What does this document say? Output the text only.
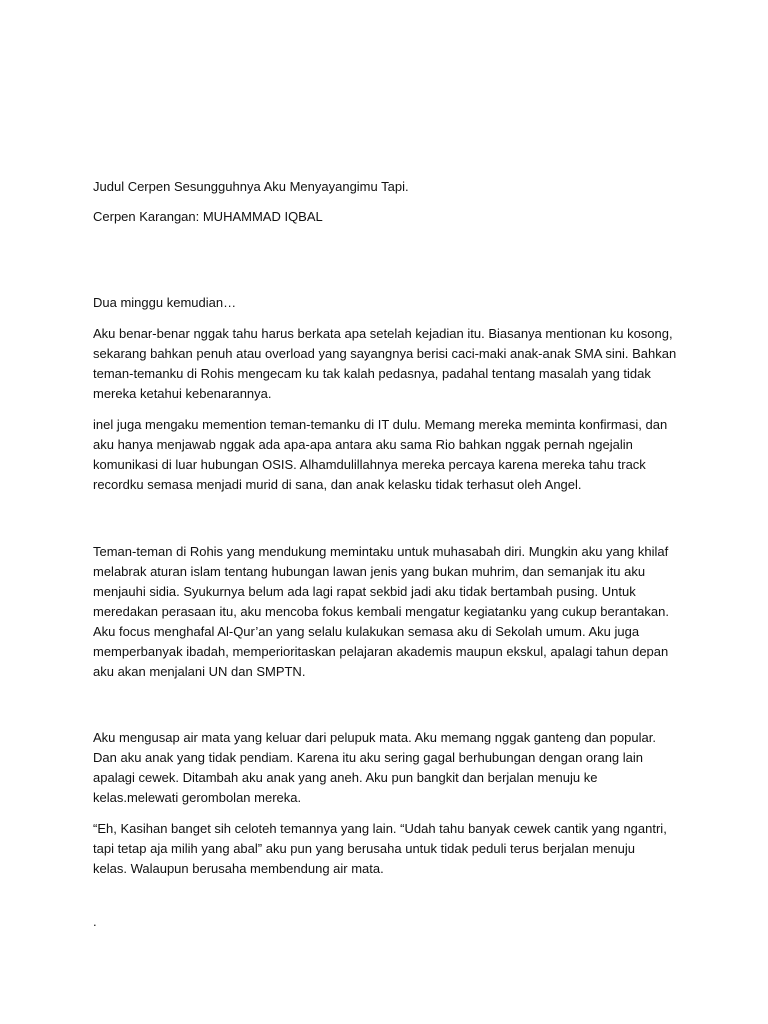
Judul Cerpen Sesungguhnya Aku Menyayangimu Tapi.

Cerpen Karangan: MUHAMMAD IQBAL

Dua minggu kemudian…

Aku benar-benar nggak tahu harus berkata apa setelah kejadian itu. Biasanya mentionan ku kosong,
sekarang bahkan penuh atau overload yang sayangnya berisi caci-maki anak-anak SMA sini. Bahkan
teman-temanku di Rohis mengecam ku tak kalah pedasnya, padahal tentang masalah yang tidak
mereka ketahui kebenarannya.

inel juga mengaku memention teman-temanku di IT dulu. Memang mereka meminta konfirmasi, dan
aku hanya menjawab nggak ada apa-apa antara aku sama Rio bahkan nggak pernah ngejalin
komunikasi di luar hubungan OSIS. Alhamdulillahnya mereka percaya karena mereka tahu track
recordku semasa menjadi murid di sana, dan anak kelasku tidak terhasut oleh Angel.

Teman-teman di Rohis yang mendukung memintaku untuk muhasabah diri. Mungkin aku yang khilaf
melabrak aturan islam tentang hubungan lawan jenis yang bukan muhrim, dan semanjak itu aku
menjauhi sidia. Syukurnya belum ada lagi rapat sekbid jadi aku tidak bertambah pusing. Untuk
meredakan perasaan itu, aku mencoba fokus kembali mengatur kegiatanku yang cukup berantakan.
Aku focus menghafal Al-Qur’an yang selalu kulakukan semasa aku di Sekolah umum. Aku juga
memperbanyak ibadah, memperioritaskan pelajaran akademis maupun ekskul, apalagi tahun depan
aku akan menjalani UN dan SMPTN.

Aku mengusap air mata yang keluar dari pelupuk mata. Aku memang nggak ganteng dan popular.
Dan aku anak yang tidak pendiam. Karena itu aku sering gagal berhubungan dengan orang lain
apalagi cewek. Ditambah aku anak yang aneh. Aku pun bangkit dan berjalan menuju ke
kelas.melewati gerombolan mereka.

“Eh, Kasihan banget sih celoteh temannya yang lain. “Udah tahu banyak cewek cantik yang ngantri,
tapi tetap aja milih yang abal” aku pun yang berusaha untuk tidak peduli terus berjalan menuju
kelas. Walaupun berusaha membendung air mata.

.
